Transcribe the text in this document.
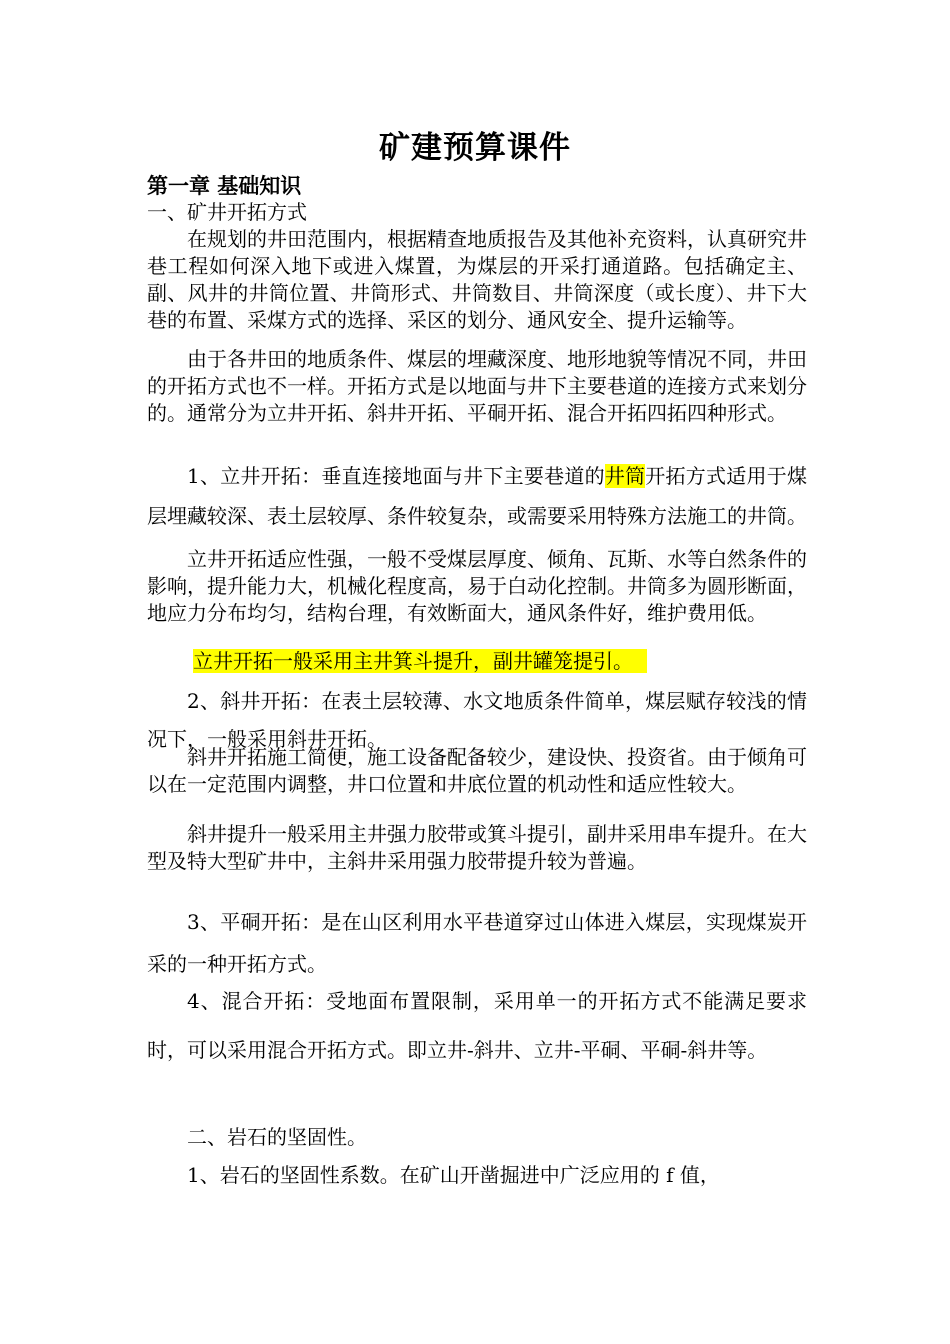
矿建预算课件
第一章 基础知识
一、矿井开拓方式
在规划的井田范围内，根据精查地质报告及其他补充资料，认真研究井巷工程如何深入地下或进入煤置，为煤层的开采打通道路。包括确定主、副、风井的井筒位置、井筒形式、井筒数目、井筒深度（或长度）、井下大巷的布置、采煤方式的选择、采区的划分、通风安全、提升运输等。
由于各井田的地质条件、煤层的埋藏深度、地形地貌等情况不同，井田的开拓方式也不一样。开拓方式是以地面与井下主要巷道的连接方式来划分的。通常分为立井开拓、斜井开拓、平硐开拓、混合开拓四拓四种形式。
1、立井开拓：垂直连接地面与井下主要巷道的井筒开拓方式适用于煤层埋藏较深、表土层较厚、条件较复杂，或需要采用特殊方法施工的井筒。
立井开拓适应性强，一般不受煤层厚度、倾角、瓦斯、水等白然条件的影响，提升能力大，机械化程度高，易于白动化控制。井筒多为圆形断面，地应力分布均匀，结构台理，有效断面大，通风条件好，维护费用低。
立井开拓一般采用主井箕斗提升，副井罐笼提引。
2、斜井开拓：在表土层较薄、水文地质条件简单，煤层赋存较浅的情况下，一般采用斜井开拓。
斜井开拓施工简便，施工设备配备较少，建设快、投资省。由于倾角可以在一定范围内调整，井口位置和井底位置的机动性和适应性较大。
斜井提升一般采用主井强力胶带或箕斗提引，副井采用串车提升。在大型及特大型矿井中，主斜井采用强力胶带提升较为普遍。
3、平硐开拓：是在山区利用水平巷道穿过山体进入煤层，实现煤炭开采的一种开拓方式。
4、混合开拓：受地面布置限制，采用单一的开拓方式不能满足要求时，可以采用混合开拓方式。即立井-斜井、立井-平硐、平硐-斜井等。
二、岩石的坚固性。
1、岩石的坚固性系数。在矿山开凿掘进中广泛应用的 f 值，
